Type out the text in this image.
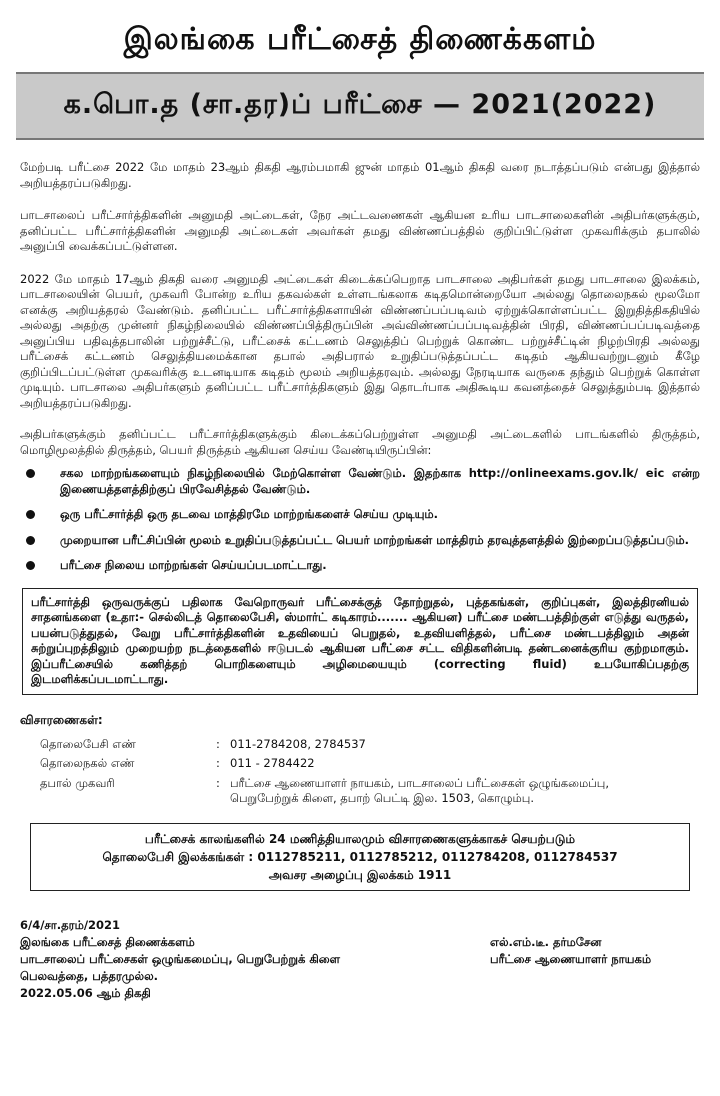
இலங்கை பரீட்சைத் திணைக்களம்
க.பொ.த (சா.தர)ப் பரீட்சை — 2021(2022)

மேற்படி பரீட்சை 2022 மே மாதம் 23ஆம் திகதி ஆரம்பமாகி ஜுன் மாதம் 01ஆம் திகதி வரை நடாத்தப்படும் என்பது இத்தால் அறியத்தரப்படுகிறது.

பாடசாலைப் பரீட்சார்த்திகளின் அனுமதி அட்டைகள், நேர அட்டவணைகள் ஆகியன உரிய பாடசாலைகளின் அதிபர்களுக்கும், தனிப்பட்ட பரீட்சார்த்திகளின் அனுமதி அட்டைகள் அவர்கள் தமது விண்ணப்பத்தில் குறிப்பிட்டுள்ள முகவரிக்கும் தபாலில் அனுப்பி வைக்கப்பட்டுள்ளன.

2022 மே மாதம் 17ஆம் திகதி வரை அனுமதி அட்டைகள் கிடைக்கப்பெறாத பாடசாலை அதிபர்கள் தமது பாடசாலை இலக்கம், பாடசாலையின் பெயர், முகவரி போன்ற உரிய தகவல்கள் உள்ளடங்கலாக கடிதமொன்றையோ அல்லது தொலைநகல் மூலமோ எனக்கு அறியத்தரல் வேண்டும். தனிப்பட்ட பரீட்சார்த்திகளாயின் விண்ணப்பப்படிவம் ஏற்றுக்கொள்ளப்பட்ட இறுதித்திகதியில் அல்லது அதற்கு முன்னர் நிகழ்நிலையில் விண்ணப்பித்திருப்பின் அவ்விண்ணப்பப்படிவத்தின் பிரதி, விண்ணப்பப்படிவத்தை அனுப்பிய பதிவுத்தபாலின் பற்றுச்சீட்டு, பரீட்சைக் கட்டணம் செலுத்திப் பெற்றுக் கொண்ட பற்றுச்சீட்டின் நிழற்பிரதி அல்லது பரீட்சைக் கட்டணம் செலுத்தியமைக்கான தபால் அதிபரால் உறுதிப்படுத்தப்பட்ட கடிதம் ஆகியவற்றுடனும் கீழே குறிப்பிடப்பட்டுள்ள முகவரிக்கு உடனடியாக கடிதம் மூலம் அறியத்தரவும். அல்லது நேரடியாக வருகை தந்தும் பெற்றுக் கொள்ள முடியும். பாடசாலை அதிபர்களும் தனிப்பட்ட பரீட்சார்த்திகளும் இது தொடர்பாக அதிகூடிய கவனத்தைச் செலுத்தும்படி இத்தால் அறியத்தரப்படுகிறது.

அதிபர்களுக்கும் தனிப்பட்ட பரீட்சார்த்திகளுக்கும் கிடைக்கப்பெற்றுள்ள அனுமதி அட்டைகளில் பாடங்களில் திருத்தம், மொழிமூலத்தில் திருத்தம், பெயர் திருத்தம் ஆகியன செய்ய வேண்டியிருப்பின்:

சகல மாற்றங்களையும் நிகழ்நிலையில் மேற்கொள்ள வேண்டும். இதற்காக http://onlineexams.gov.lk/ eic என்ற இணையத்தளத்திற்குப் பிரவேசித்தல் வேண்டும்.
ஒரு பரீட்சார்த்தி ஒரு தடவை மாத்திரமே மாற்றங்களைச் செய்ய முடியும்.
முறையான பரீட்சிப்பின் மூலம் உறுதிப்படுத்தப்பட்ட பெயர் மாற்றங்கள் மாத்திரம் தரவுத்தளத்தில் இற்றைப்படுத்தப்படும்.
பரீட்சை நிலைய மாற்றங்கள் செய்யப்படமாட்டாது.
பரீட்சார்த்தி ஒருவருக்குப் பதிலாக வேறொருவர் பரீட்சைக்குத் தோற்றுதல், புத்தகங்கள், குறிப்புகள், இலத்திரனியல் சாதனங்களை (உதா:- செல்லிடத் தொலைபேசி, ஸ்மார்ட் கடிகாரம்....... ஆகியன) பரீட்சை மண்டபத்திற்குள் எடுத்து வருதல், பயன்படுத்துதல், வேறு பரீட்சார்த்திகளின் உதவியைப் பெறுதல், உதவியளித்தல், பரீட்சை மண்டபத்திலும் அதன் சுற்றுப்புறத்திலும் முறையற்ற நடத்தைகளில் ஈடுபடல் ஆகியன பரீட்சை சட்ட விதிகளின்படி தண்டனைக்குரிய குற்றமாகும். இப்பரீட்சையில் கணித்தற் பொறிகளையும் அழிமையையும் (correcting fluid) உபயோகிப்பதற்கு இடமளிக்கப்படமாட்டாது.
விசாரணைகள்:
தொலைபேசி எண்	:	011-2784208, 2784537
தொலைநகல் எண்	:	011 - 2784422
தபால் முகவரி	:	பரீட்சை ஆணையாளர் நாயகம், பாடசாலைப் பரீட்சைகள் ஒழுங்கமைப்பு, பெறுபேற்றுக் கிளை, தபாற் பெட்டி இல. 1503, கொழும்பு.
பரீட்சைக் காலங்களில் 24 மணித்தியாலமும் விசாரணைகளுக்காகச் செயற்படும்
தொலைபேசி இலக்கங்கள் : 0112785211, 0112785212, 0112784208, 0112784537
அவசர அழைப்பு இலக்கம் 1911
6/4/சா.தரம்/2021
இலங்கை பரீட்சைத் திணைக்களம்
பாடசாலைப் பரீட்சைகள் ஒழுங்கமைப்பு, பெறுபேற்றுக் கிளை
பெலவத்தை, பத்தரமுல்ல.
2022.05.06 ஆம் திகதி
எல்.எம்.டீ. தர்மசேன
பரீட்சை ஆணையாளர் நாயகம்
